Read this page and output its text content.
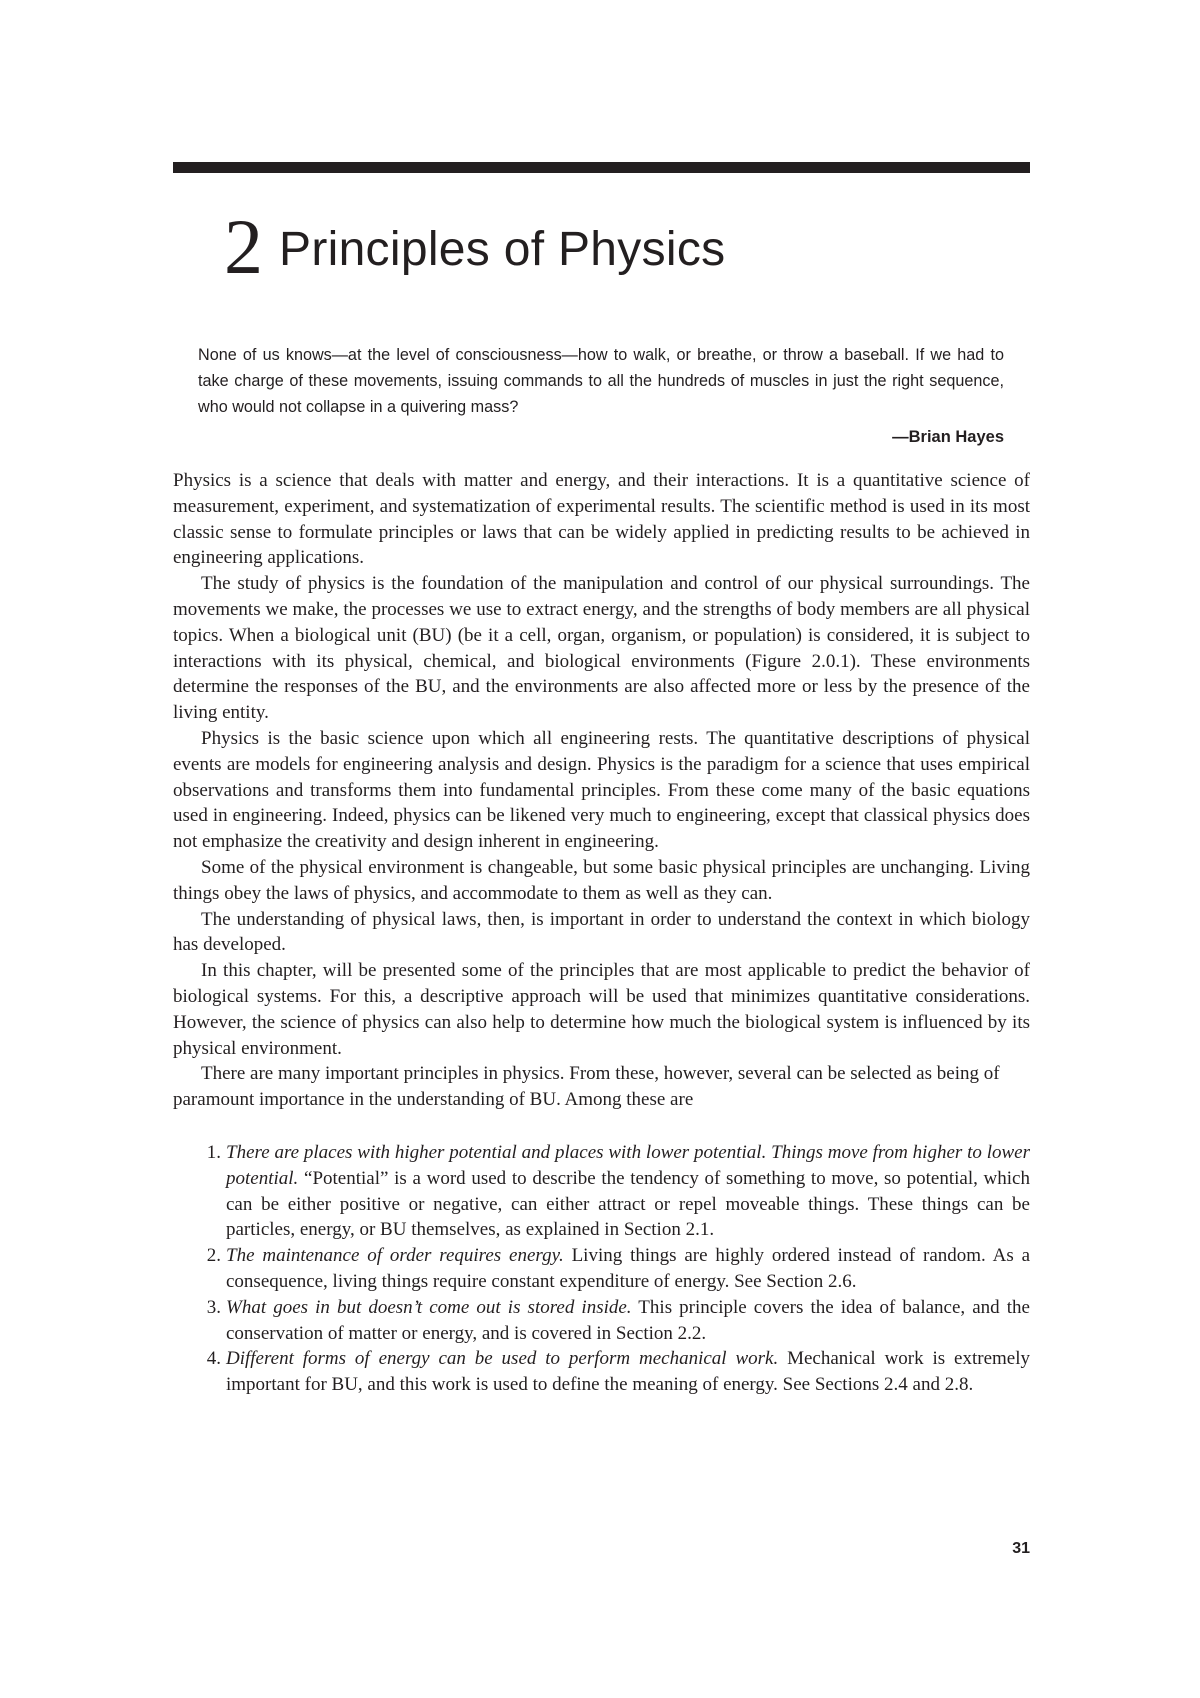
2 Principles of Physics

None of us knows—at the level of consciousness—how to walk, or breathe, or throw a baseball. If we had to take charge of these movements, issuing commands to all the hundreds of muscles in just the right sequence, who would not collapse in a quivering mass?

—Brian Hayes

Physics is a science that deals with matter and energy, and their interactions. It is a quantitative science of measurement, experiment, and systematization of experimental results. The scientific method is used in its most classic sense to formulate principles or laws that can be widely applied in predicting results to be achieved in engineering applications.

The study of physics is the foundation of the manipulation and control of our physical surroundings. The movements we make, the processes we use to extract energy, and the strengths of body members are all physical topics. When a biological unit (BU) (be it a cell, organ, organism, or population) is considered, it is subject to interactions with its physical, chemical, and biological environments (Figure 2.0.1). These environments determine the responses of the BU, and the environments are also affected more or less by the presence of the living entity.

Physics is the basic science upon which all engineering rests. The quantitative descriptions of physical events are models for engineering analysis and design. Physics is the paradigm for a science that uses empirical observations and transforms them into fundamental principles. From these come many of the basic equations used in engineering. Indeed, physics can be likened very much to engineering, except that classical physics does not emphasize the creativity and design inherent in engineering.

Some of the physical environment is changeable, but some basic physical principles are unchanging. Living things obey the laws of physics, and accommodate to them as well as they can.

The understanding of physical laws, then, is important in order to understand the context in which biology has developed.

In this chapter, will be presented some of the principles that are most applicable to predict the behavior of biological systems. For this, a descriptive approach will be used that minimizes quantitative considerations. However, the science of physics can also help to determine how much the biological system is influenced by its physical environment.

There are many important principles in physics. From these, however, several can be selected as being of paramount importance in the understanding of BU. Among these are

1. There are places with higher potential and places with lower potential. Things move from higher to lower potential. “Potential” is a word used to describe the tendency of something to move, so potential, which can be either positive or negative, can either attract or repel moveable things. These things can be particles, energy, or BU themselves, as explained in Section 2.1.
2. The maintenance of order requires energy. Living things are highly ordered instead of random. As a consequence, living things require constant expenditure of energy. See Section 2.6.
3. What goes in but doesn’t come out is stored inside. This principle covers the idea of balance, and the conservation of matter or energy, and is covered in Section 2.2.
4. Different forms of energy can be used to perform mechanical work. Mechanical work is extremely important for BU, and this work is used to define the meaning of energy. See Sections 2.4 and 2.8.
31
